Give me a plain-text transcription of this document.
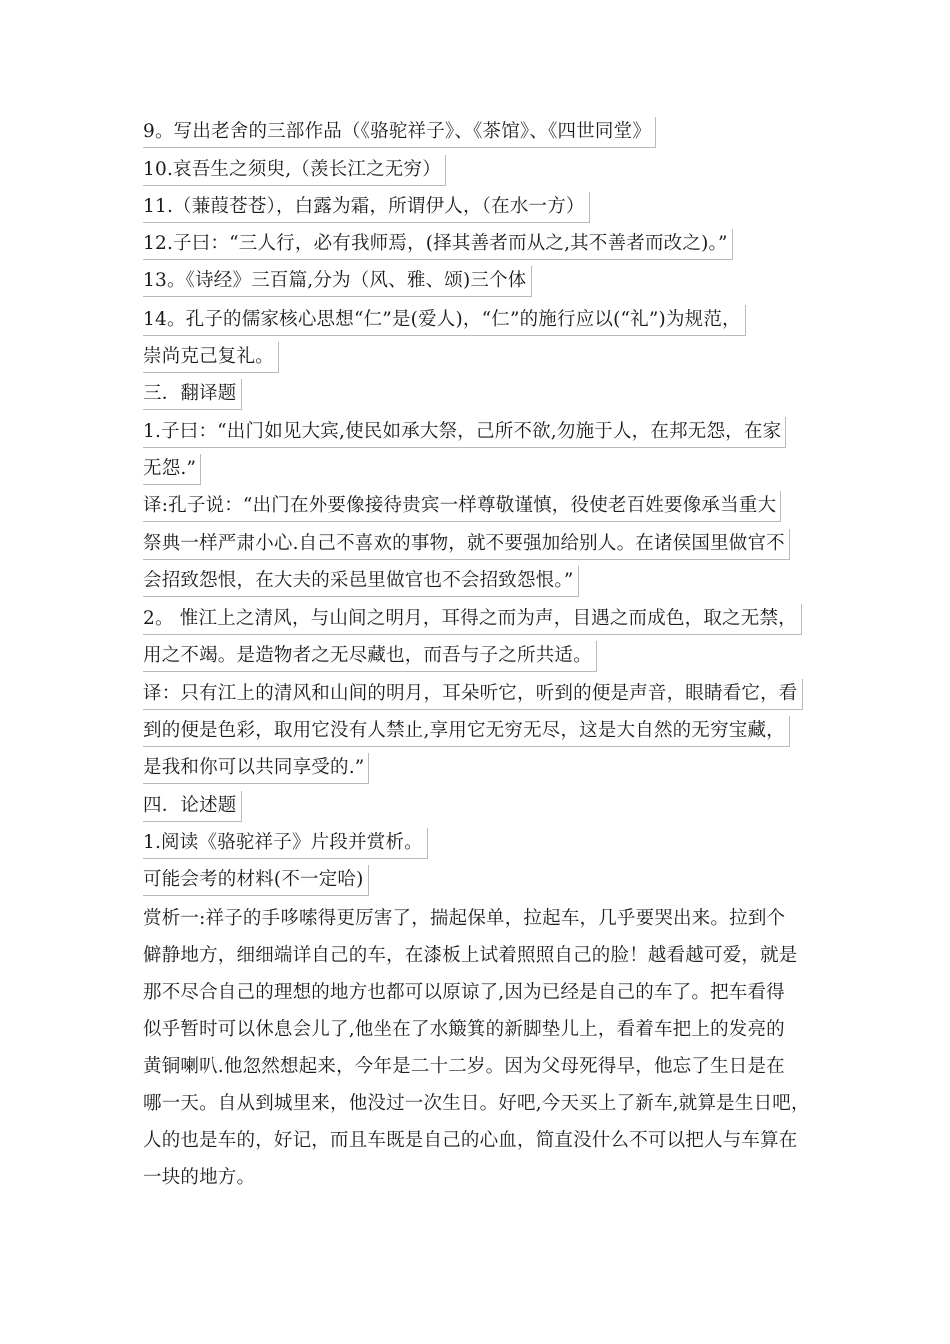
9。写出老舍的三部作品（《骆驼祥子》、《茶馆》、《四世同堂》
10.哀吾生之须臾,（羡长江之无穷）
11.（蒹葭苍苍），白露为霜，所谓伊人，（在水一方）
12.子曰：“三人行，必有我师焉，(择其善者而从之,其不善者而改之)。”
13。《诗经》三百篇,分为（风、雅、颂)三个体
14。孔子的儒家核心思想“仁”是(爱人)，“仁”的施行应以(“礼”)为规范，
崇尚克己复礼。
三．翻译题
1.子曰：“出门如见大宾,使民如承大祭，己所不欲,勿施于人，在邦无怨，在家
无怨.”
译:孔子说：“出门在外要像接待贵宾一样尊敬谨慎，役使老百姓要像承当重大
祭典一样严肃小心.自己不喜欢的事物，就不要强加给别人。在诸侯国里做官不
会招致怨恨，在大夫的采邑里做官也不会招致怨恨。”
2。 惟江上之清风，与山间之明月，耳得之而为声，目遇之而成色，取之无禁，
用之不竭。是造物者之无尽藏也，而吾与子之所共适。
译：只有江上的清风和山间的明月，耳朵听它，听到的便是声音，眼睛看它，看
到的便是色彩，取用它没有人禁止,享用它无穷无尽，这是大自然的无穷宝藏，
是我和你可以共同享受的.”
四．论述题
1.阅读《骆驼祥子》片段并赏析。
可能会考的材料(不一定哈)
赏析一:祥子的手哆嗦得更厉害了，揣起保单，拉起车，几乎要哭出来。拉到个
僻静地方，细细端详自己的车，在漆板上试着照照自己的脸！越看越可爱，就是
那不尽合自己的理想的地方也都可以原谅了,因为已经是自己的车了。把车看得
似乎暂时可以休息会儿了,他坐在了水簸箕的新脚垫儿上，看着车把上的发亮的
黄铜喇叭.他忽然想起来，今年是二十二岁。因为父母死得早，他忘了生日是在
哪一天。自从到城里来，他没过一次生日。好吧,今天买上了新车,就算是生日吧，
人的也是车的，好记，而且车既是自己的心血，简直没什么不可以把人与车算在
一块的地方。
